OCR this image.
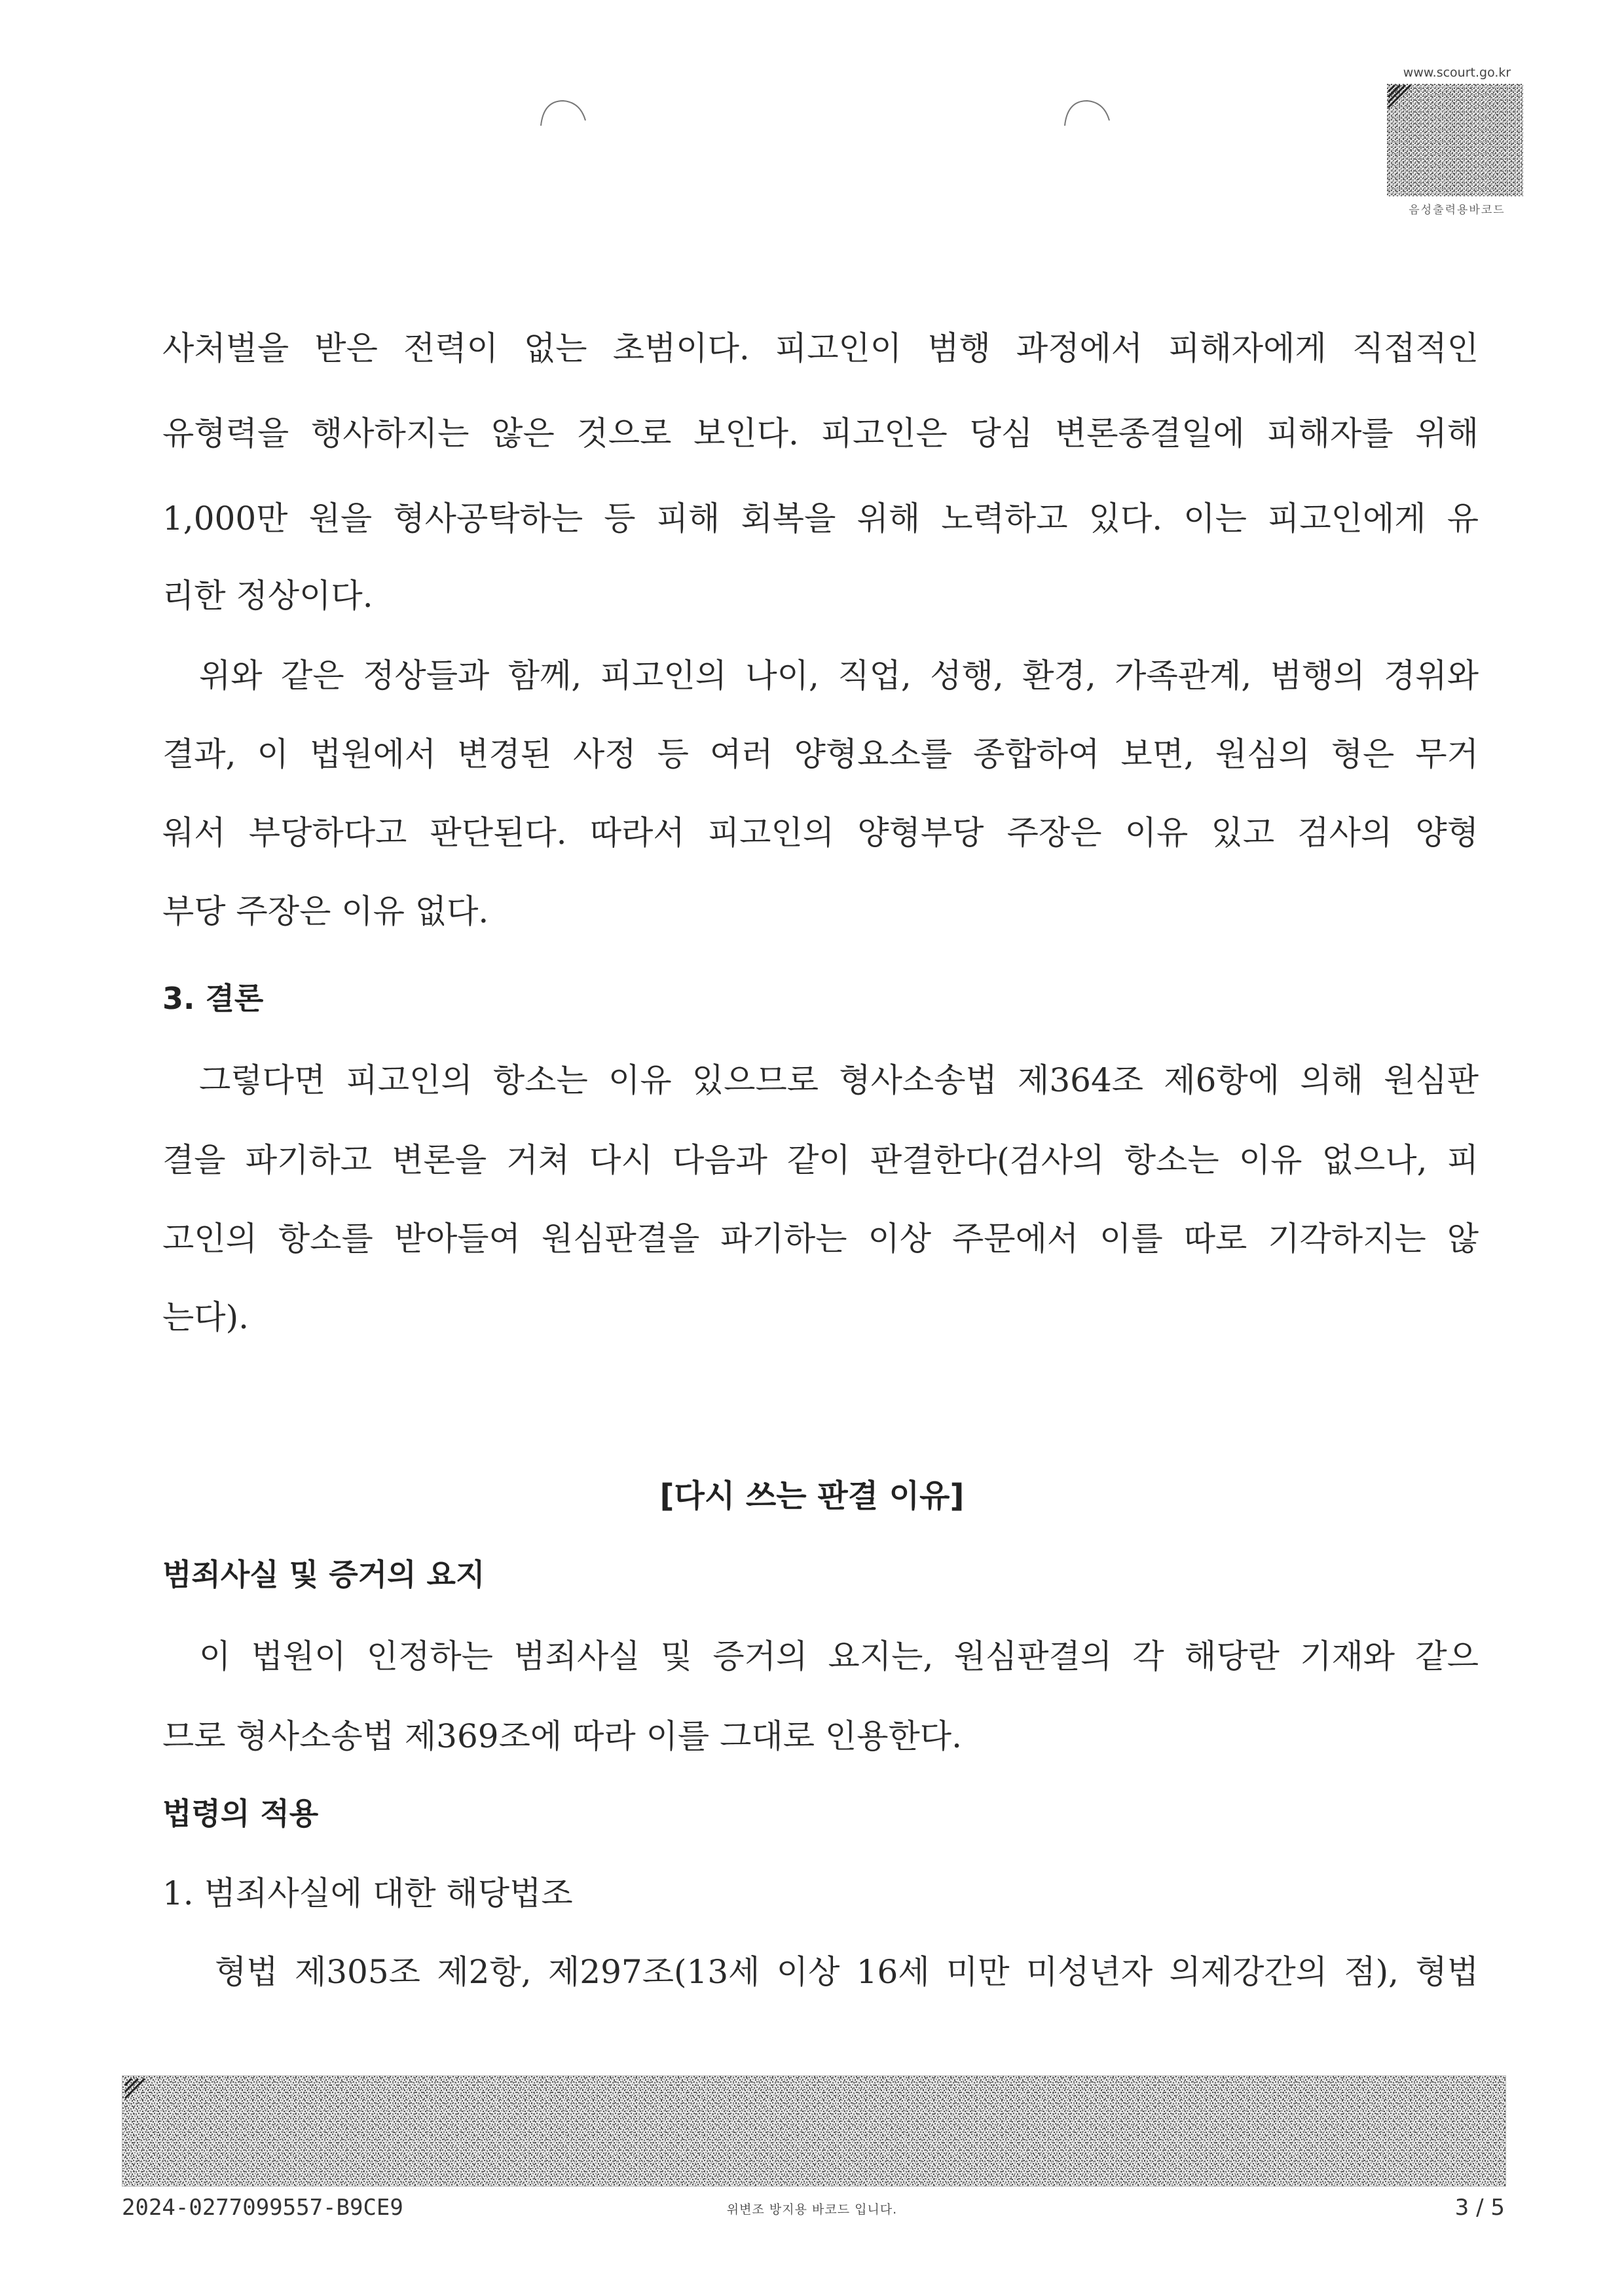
www.scourt.go.kr
음성출력용바코드

사처벌을 받은 전력이 없는 초범이다. 피고인이 범행 과정에서 피해자에게 직접적인

유형력을 행사하지는 않은 것으로 보인다. 피고인은 당심 변론종결일에 피해자를 위해

1,000만 원을 형사공탁하는 등 피해 회복을 위해 노력하고 있다. 이는 피고인에게 유

리한 정상이다.

위와 같은 정상들과 함께, 피고인의 나이, 직업, 성행, 환경, 가족관계, 범행의 경위와

결과, 이 법원에서 변경된 사정 등 여러 양형요소를 종합하여 보면, 원심의 형은 무거

워서 부당하다고 판단된다. 따라서 피고인의 양형부당 주장은 이유 있고 검사의 양형

부당 주장은 이유 없다.

3. 결론

그렇다면 피고인의 항소는 이유 있으므로 형사소송법 제364조 제6항에 의해 원심판

결을 파기하고 변론을 거쳐 다시 다음과 같이 판결한다(검사의 항소는 이유 없으나, 피

고인의 항소를 받아들여 원심판결을 파기하는 이상 주문에서 이를 따로 기각하지는 않

는다).

[다시 쓰는 판결 이유]
범죄사실 및 증거의 요지

이 법원이 인정하는 범죄사실 및 증거의 요지는, 원심판결의 각 해당란 기재와 같으

므로 형사소송법 제369조에 따라 이를 그대로 인용한다.

법령의 적용

1. 범죄사실에 대한 해당법조

형법 제305조 제2항, 제297조(13세 이상 16세 미만 미성년자 의제강간의 점), 형법

2024-0277099557-B9CE9	위변조 방지용 바코드 입니다.	3 / 5
